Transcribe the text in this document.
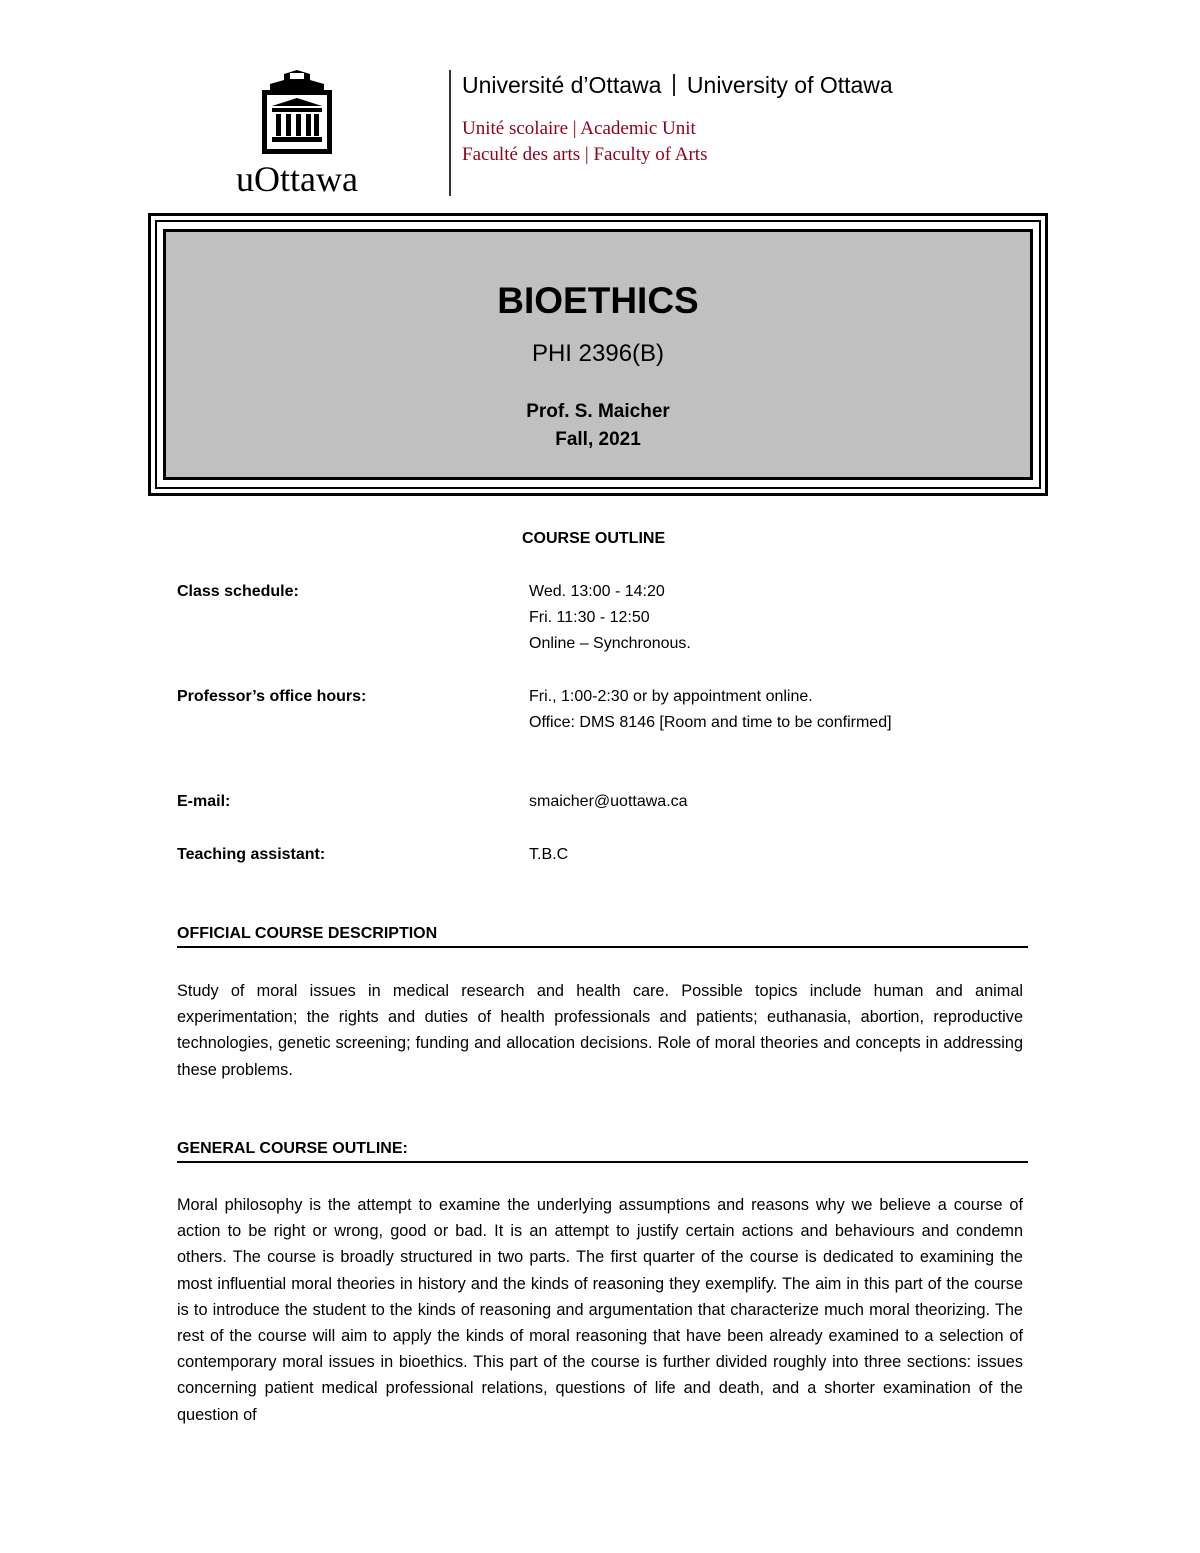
uOttawa
Université d’Ottawa University of Ottawa
Unité scolaire | Academic Unit
Faculté des arts | Faculty of Arts
BIOETHICS
PHI 2396(B)
Prof. S. Maicher
Fall, 2021
COURSE OUTLINE
Class schedule:	Wed. 13:00 - 14:20
Fri. 11:30 - 12:50
Online – Synchronous.
Professor’s office hours:	Fri., 1:00-2:30 or by appointment online.
Office: DMS 8146 [Room and time to be confirmed]
E-mail:	smaicher@uottawa.ca
Teaching assistant:	T.B.C
OFFICIAL COURSE DESCRIPTION
Study of moral issues in medical research and health care. Possible topics include human and animal experimentation; the rights and duties of health professionals and patients; euthanasia, abortion, reproductive technologies, genetic screening; funding and allocation decisions. Role of moral theories and concepts in addressing these problems.
GENERAL COURSE OUTLINE:
Moral philosophy is the attempt to examine the underlying assumptions and reasons why we believe a course of action to be right or wrong, good or bad. It is an attempt to justify certain actions and behaviours and condemn others. The course is broadly structured in two parts. The first quarter of the course is dedicated to examining the most influential moral theories in history and the kinds of reasoning they exemplify. The aim in this part of the course is to introduce the student to the kinds of reasoning and argumentation that characterize much moral theorizing. The rest of the course will aim to apply the kinds of moral reasoning that have been already examined to a selection of contemporary moral issues in bioethics. This part of the course is further divided roughly into three sections: issues concerning patient medical professional relations, questions of life and death, and a shorter examination of the question of
